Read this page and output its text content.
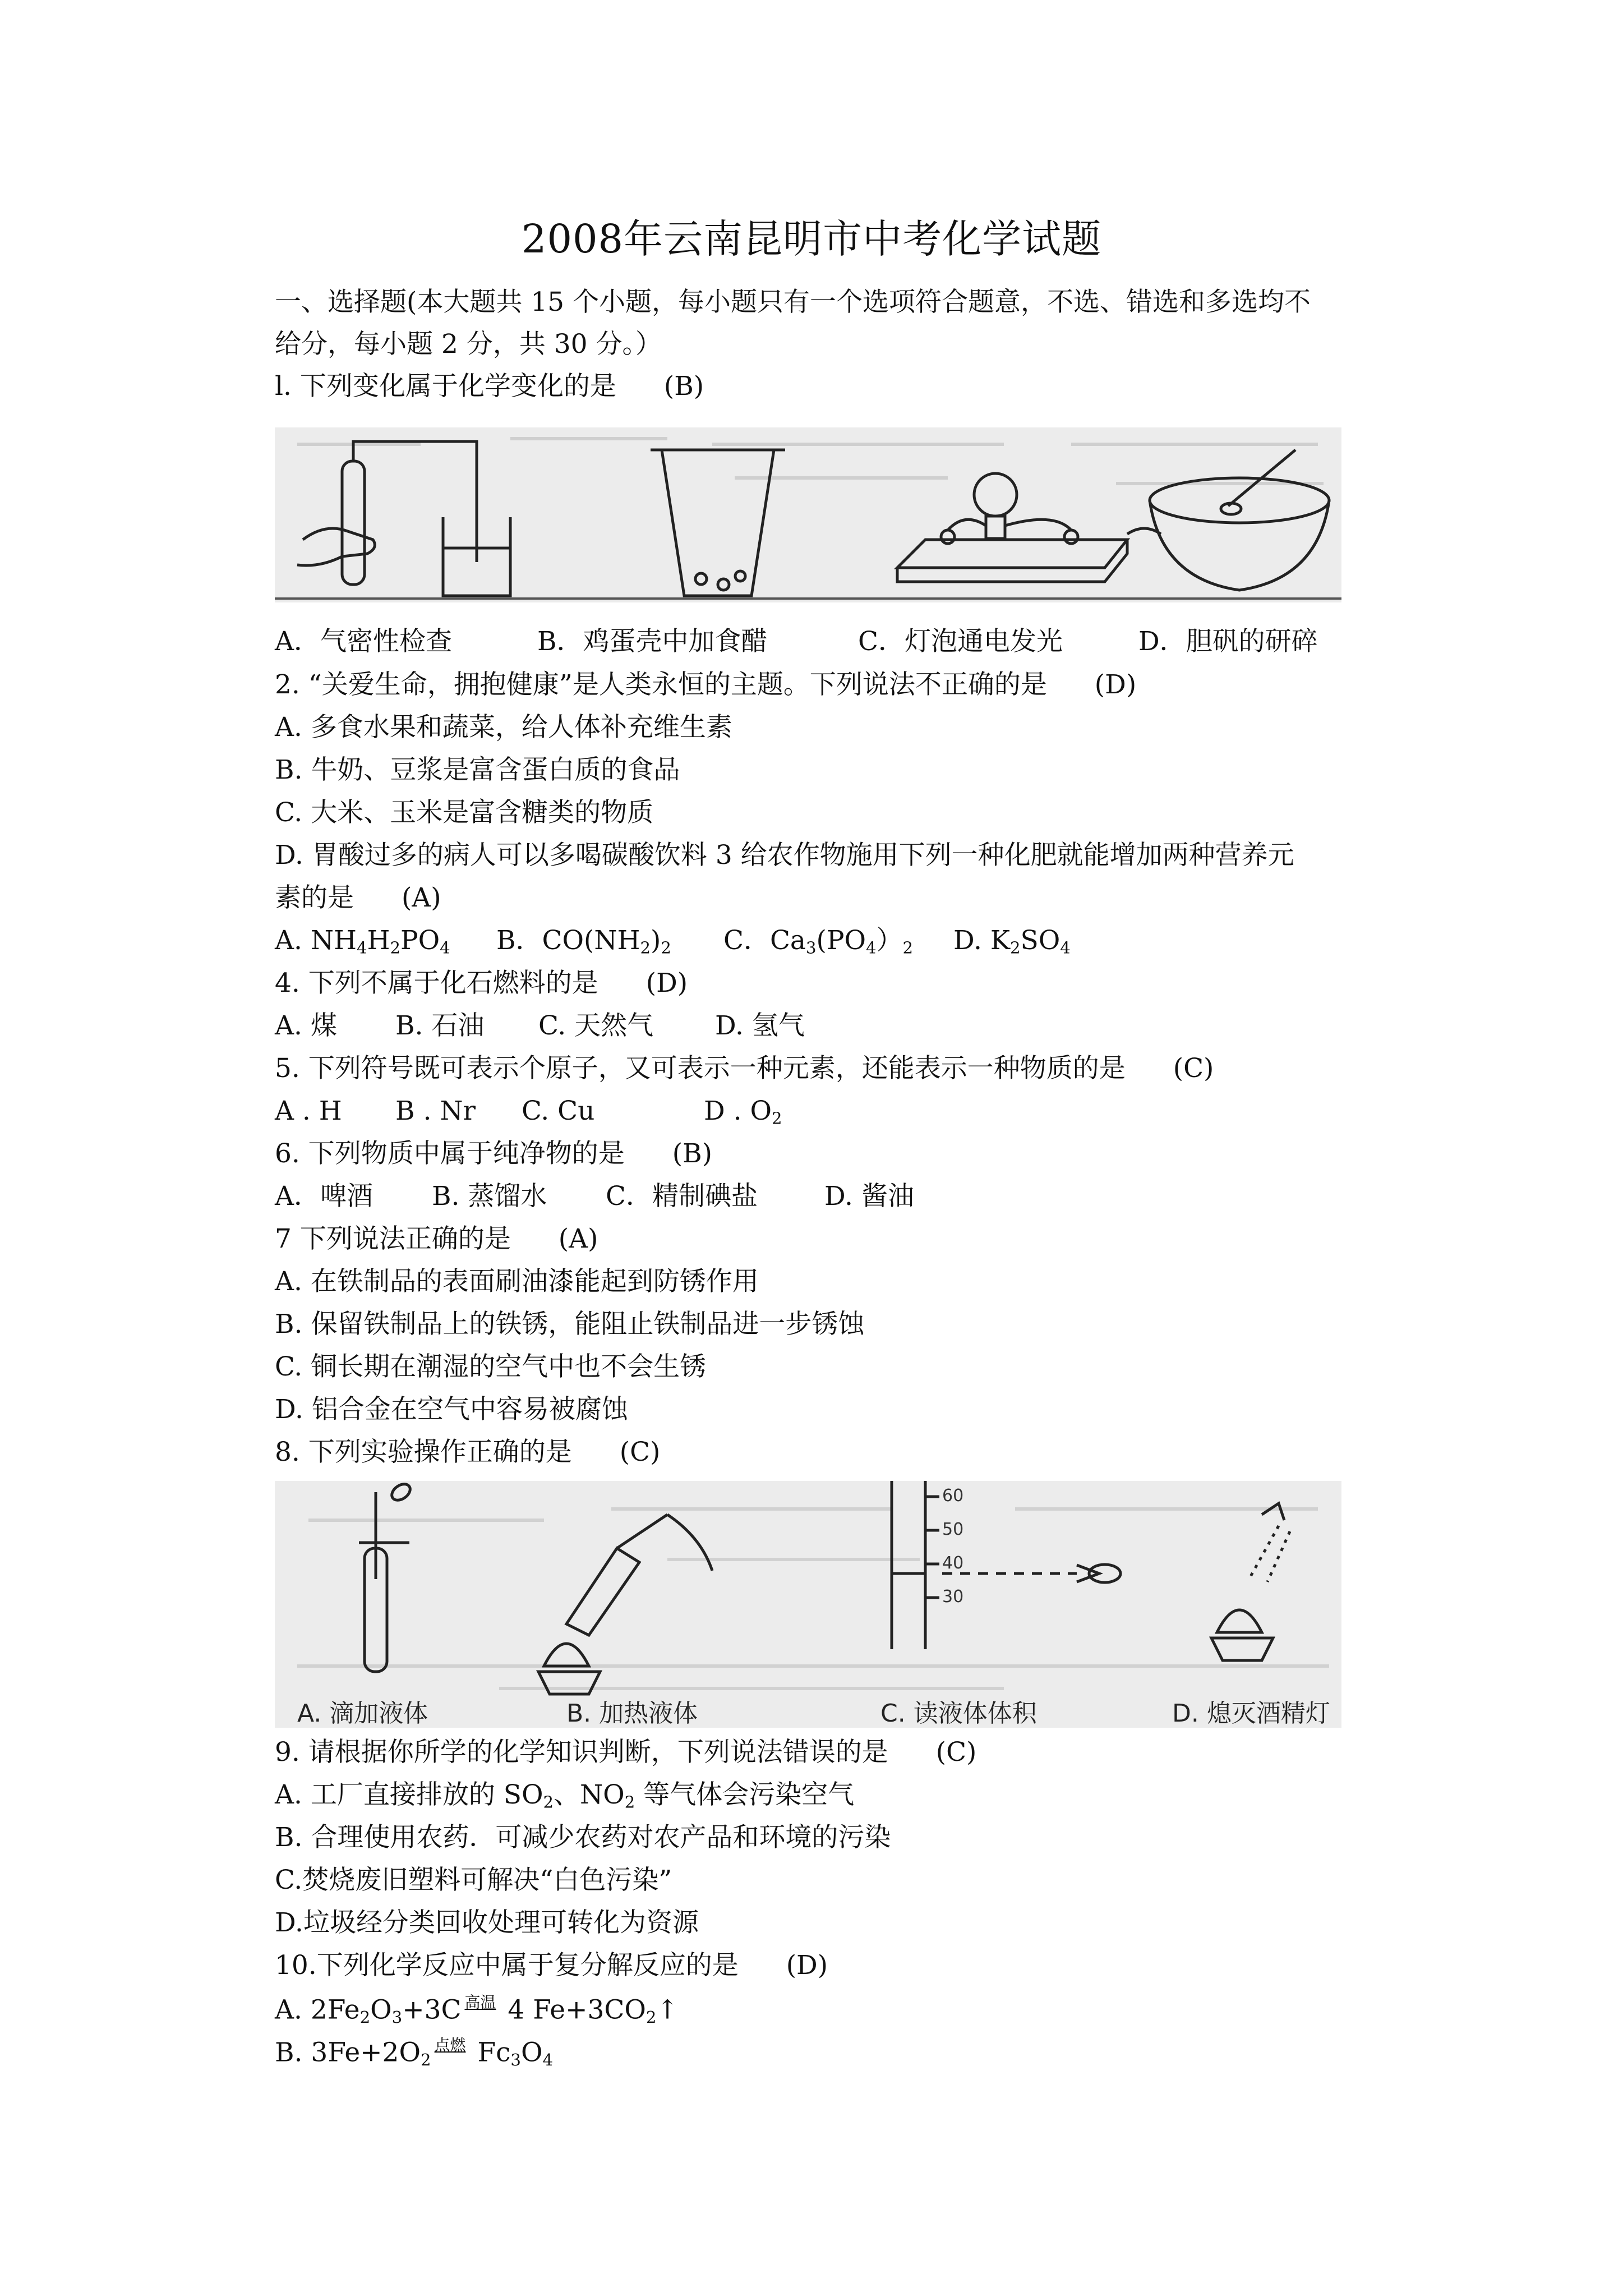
2008年云南昆明市中考化学试题
一、选择题(本大题共 15 个小题，每小题只有一个选项符合题意，不选、错选和多选均不
给分，每小题 2 分，共 30 分。）
l. 下列变化属于化学变化的是 (B)
A．气密性检查	B．鸡蛋壳中加食醋	C．灯泡通电发光	D．胆矾的研碎
2. “关爱生命，拥抱健康”是人类永恒的主题。下列说法不正确的是 (D)
A. 多食水果和蔬菜，给人体补充维生素
B. 牛奶、豆浆是富含蛋白质的食品
C. 大米、玉米是富含糖类的物质
D. 胃酸过多的病人可以多喝碳酸饮料 3 给农作物施用下列一种化肥就能增加两种营养元
素的是 (A)
A. $NH_4H_2PO_4$ B．$CO(NH_2)_2$ C．$Ca_3(PO_4)_2$ D. $K_2SO_4$
4. 下列不属于化石燃料的是 (D)
A. 煤 B. 石油 C. 天然气 D. 氢气
5. 下列符号既可表示个原子，又可表示一种元素，还能表示一种物质的是 (C)
A . H B . Nr C. Cu	D . $O_2$
6. 下列物质中属于纯净物的是 (B)
A．啤酒 B. 蒸馏水 C．精制碘盐	D. 酱油
7 下列说法正确的是 (A)
A. 在铁制品的表面刷油漆能起到防锈作用
B. 保留铁制品上的铁锈，能阻止铁制品进一步锈蚀
C. 铜长期在潮湿的空气中也不会生锈
D. 铝合金在空气中容易被腐蚀
8. 下列实验操作正确的是 (C)
60
50
40
30
A. 滴加液体	B. 加热液体	C. 读液体体积	D. 熄灭酒精灯
9. 请根据你所学的化学知识判断，下列说法错误的是 (C)
A. 工厂直接排放的 $SO_2$、$NO_2$ 等气体会污染空气
B. 合理使用农药．可减少农药对农产品和环境的污染
C.焚烧废旧塑料可解决“白色污染”
D.垃圾经分类回收处理可转化为资源
10.下列化学反应中属于复分解反应的是 (D)
A. $2Fe_2O_3+3C$ 高温 4 $Fe+3CO_2↑$
B. $3Fe+2O_2$点燃 $Fc_3O_4$
